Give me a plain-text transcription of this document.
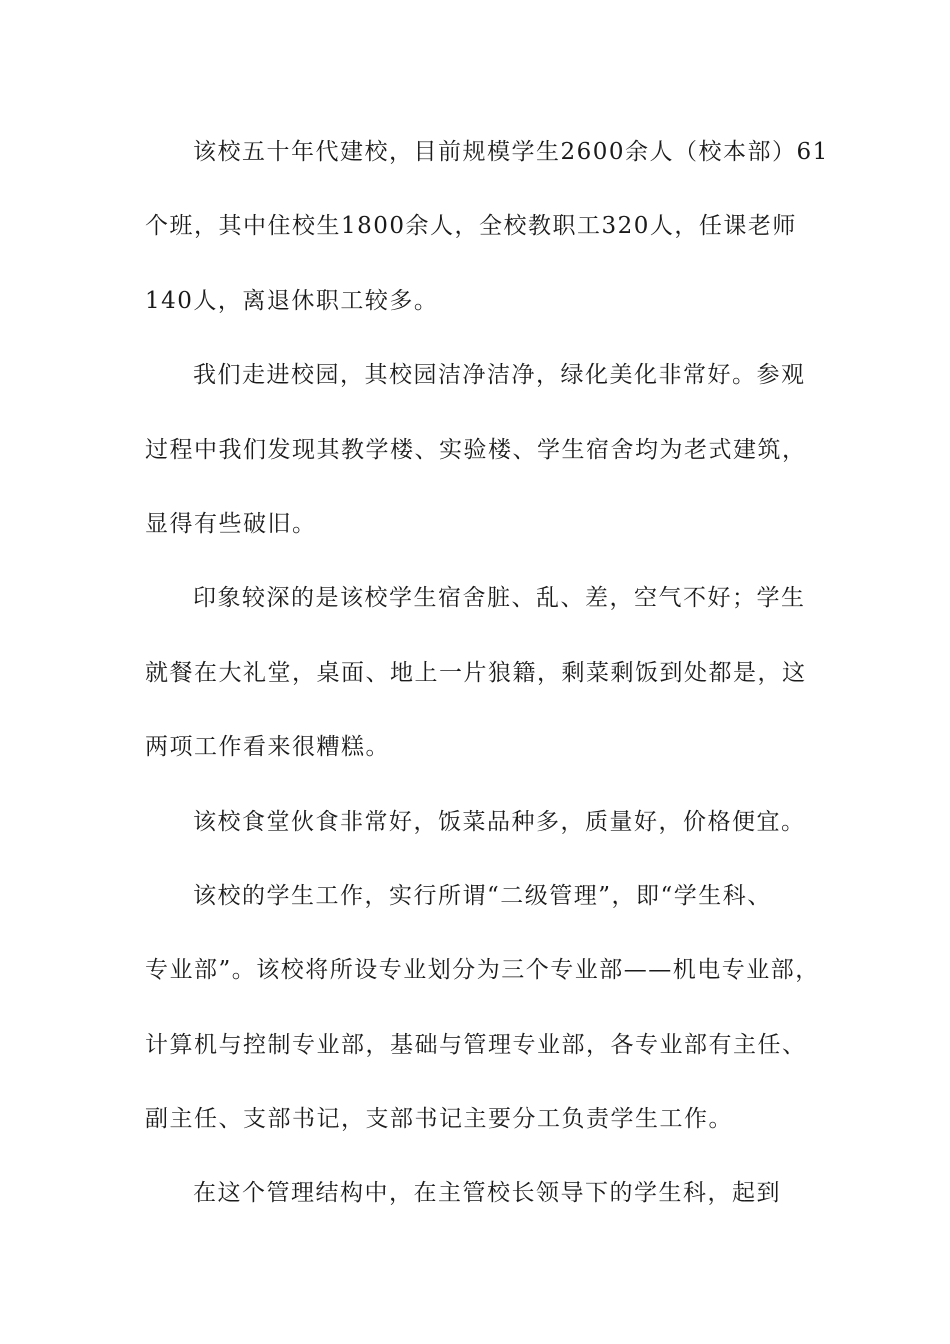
该校五十年代建校，目前规模学生2600余人（校本部）61
个班，其中住校生1800余人，全校教职工320人，任课老师
140人，离退休职工较多。
我们走进校园，其校园洁净洁净，绿化美化非常好。参观
过程中我们发现其教学楼、实验楼、学生宿舍均为老式建筑，
显得有些破旧。
印象较深的是该校学生宿舍脏、乱、差，空气不好；学生
就餐在大礼堂，桌面、地上一片狼籍，剩菜剩饭到处都是，这
两项工作看来很糟糕。
该校食堂伙食非常好，饭菜品种多，质量好，价格便宜。
该校的学生工作，实行所谓“二级管理”，即“学生科、
专业部”。该校将所设专业划分为三个专业部——机电专业部，
计算机与控制专业部，基础与管理专业部，各专业部有主任、
副主任、支部书记，支部书记主要分工负责学生工作。
在这个管理结构中，在主管校长领导下的学生科，起到
